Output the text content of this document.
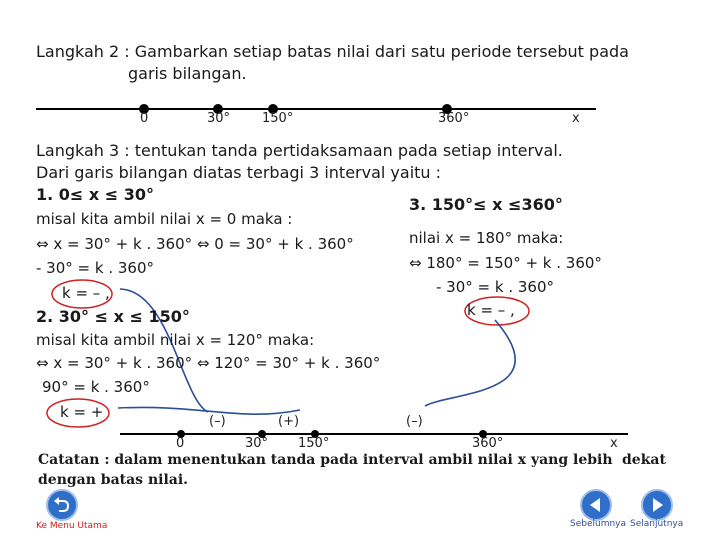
Langkah 2 : Gambarkan setiap batas nilai dari satu periode tersebut pada
garis bilangan.
0	30° 150°	360°	x
Langkah 3 : tentukan tanda pertidaksamaan pada setiap interval.
Dari garis bilangan diatas terbagi 3 interval yaitu :
1. 0≤ x ≤ 30°
misal kita ambil nilai x = 0 maka :
⇔ x = 30° + k . 360° ⇔ 0 = 30° + k . 360°
- 30° = k . 360°
k = – ,
2. 30° ≤ x ≤ 150°
misal kita ambil nilai x = 120° maka:
⇔ x = 30° + k . 360° ⇔ 120° = 30° + k . 360°
90° = k . 360°
k = +
3. 150°≤ x ≤360°
nilai x = 180° maka:
⇔ 180° = 150° + k . 360°
- 30° = k . 360°
k = – ,
(–)	(+)	(–)
0	30° 150°	360°	x
Catatan : dalam menentukan tanda pada interval ambil nilai x yang lebih dekat
dengan batas nilai.
Ke Menu Utama	Sebelumnya Selanjutnya
